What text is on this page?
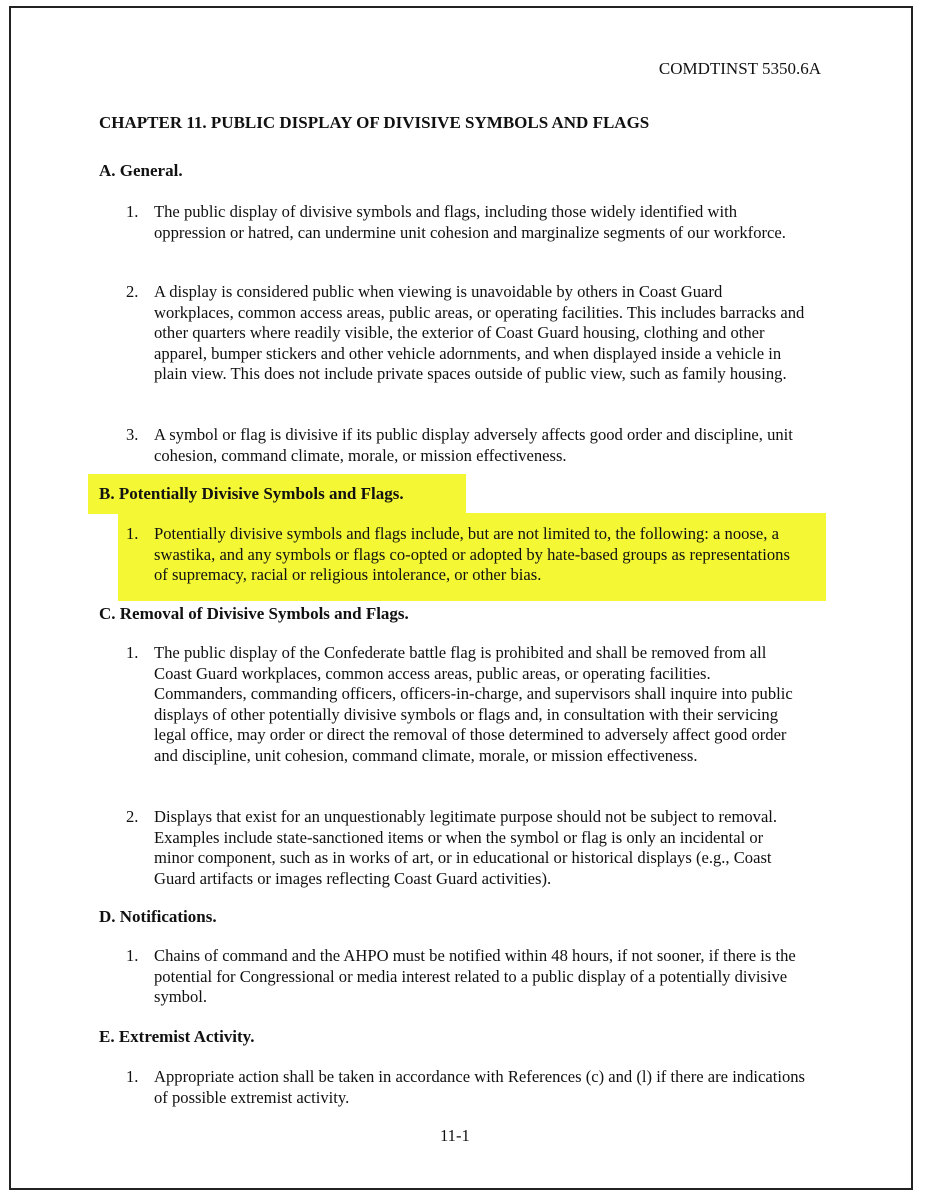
COMDTINST 5350.6A
CHAPTER 11. PUBLIC DISPLAY OF DIVISIVE SYMBOLS AND FLAGS
A. General.
1. The public display of divisive symbols and flags, including those widely identified with oppression or hatred, can undermine unit cohesion and marginalize segments of our workforce.
2. A display is considered public when viewing is unavoidable by others in Coast Guard workplaces, common access areas, public areas, or operating facilities. This includes barracks and other quarters where readily visible, the exterior of Coast Guard housing, clothing and other apparel, bumper stickers and other vehicle adornments, and when displayed inside a vehicle in plain view. This does not include private spaces outside of public view, such as family housing.
3. A symbol or flag is divisive if its public display adversely affects good order and discipline, unit cohesion, command climate, morale, or mission effectiveness.
B. Potentially Divisive Symbols and Flags.
1. Potentially divisive symbols and flags include, but are not limited to, the following: a noose, a swastika, and any symbols or flags co-opted or adopted by hate-based groups as representations of supremacy, racial or religious intolerance, or other bias.
C. Removal of Divisive Symbols and Flags.
1. The public display of the Confederate battle flag is prohibited and shall be removed from all Coast Guard workplaces, common access areas, public areas, or operating facilities. Commanders, commanding officers, officers-in-charge, and supervisors shall inquire into public displays of other potentially divisive symbols or flags and, in consultation with their servicing legal office, may order or direct the removal of those determined to adversely affect good order and discipline, unit cohesion, command climate, morale, or mission effectiveness.
2. Displays that exist for an unquestionably legitimate purpose should not be subject to removal. Examples include state-sanctioned items or when the symbol or flag is only an incidental or minor component, such as in works of art, or in educational or historical displays (e.g., Coast Guard artifacts or images reflecting Coast Guard activities).
D. Notifications.
1. Chains of command and the AHPO must be notified within 48 hours, if not sooner, if there is the potential for Congressional or media interest related to a public display of a potentially divisive symbol.
E. Extremist Activity.
1. Appropriate action shall be taken in accordance with References (c) and (l) if there are indications of possible extremist activity.
11-1
